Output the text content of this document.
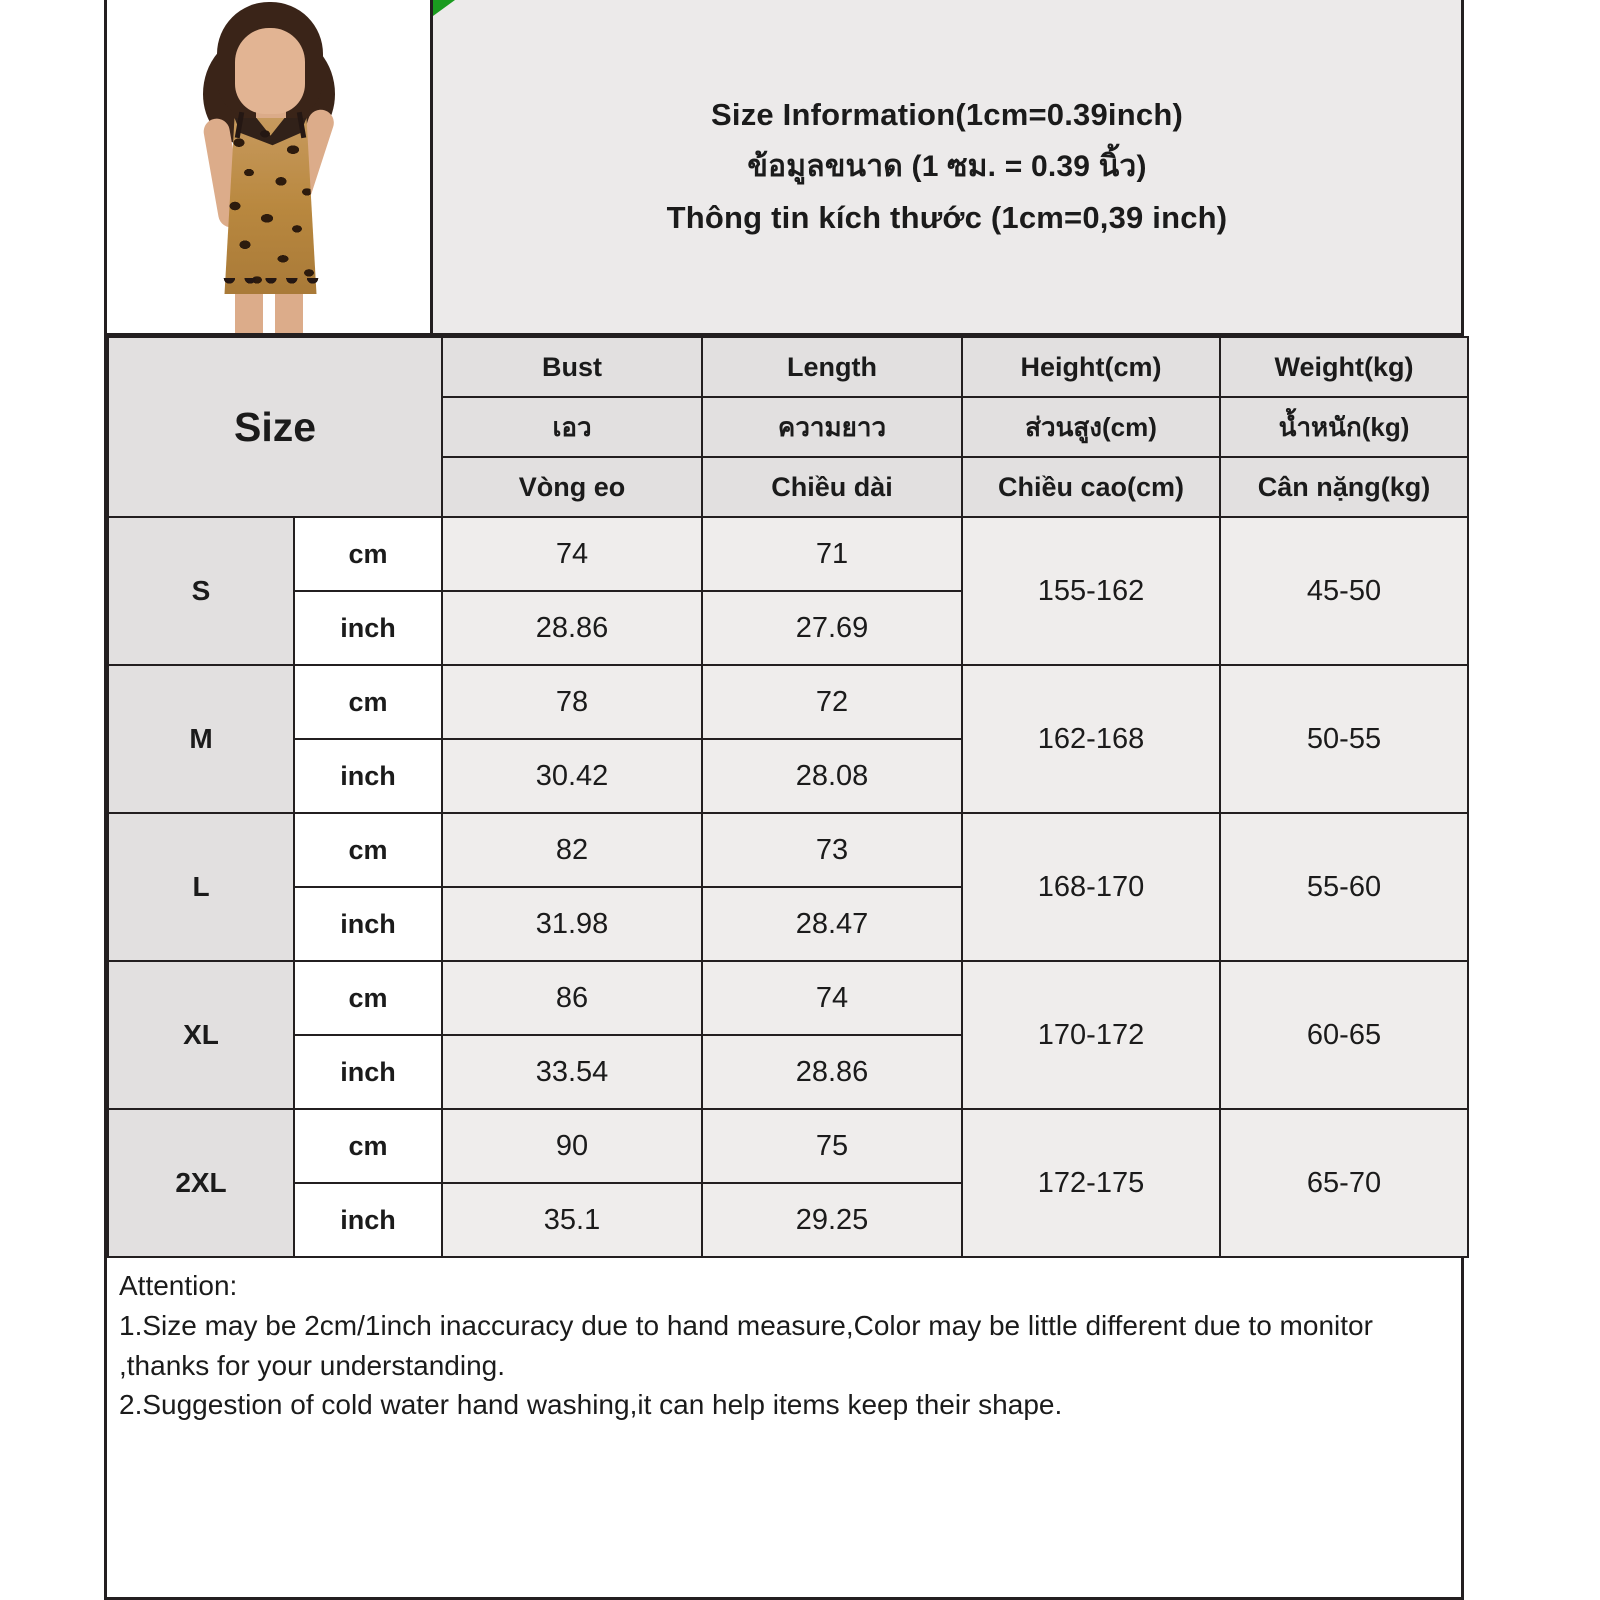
Size Information(1cm=0.39inch)
ข้อมูลขนาด (1 ซม. = 0.39 นิ้ว)
Thông tin kích thước (1cm=0,39 inch)
Size		Bust	Length	Height(cm)	Weight(kg)
		เอว	ความยาว	ส่วนสูง(cm)	น้ำหนัก(kg)
		Vòng eo	Chiều dài	Chiều cao(cm)	Cân nặng(kg)
S	cm	74	71	155-162	45-50
	inch	28.86	27.69		
M	cm	78	72	162-168	50-55
	inch	30.42	28.08		
L	cm	82	73	168-170	55-60
	inch	31.98	28.47		
XL	cm	86	74	170-172	60-65
	inch	33.54	28.86		
2XL	cm	90	75	172-175	65-70
	inch	35.1	29.25		
Attention:
1.Size may be 2cm/1inch inaccuracy due to hand measure,Color may be little different due to monitor ,thanks for your understanding.
2.Suggestion of cold water hand washing,it can help items keep their shape.
